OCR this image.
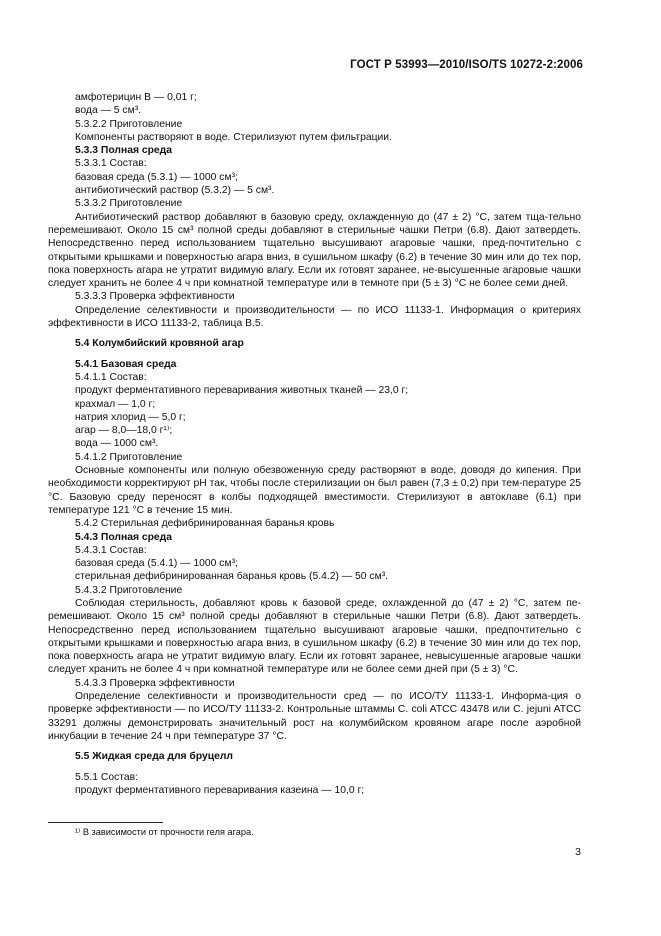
ГОСТ Р 53993—2010/ISO/TS 10272-2:2006
амфотерицин В — 0,01 г;
вода — 5 см³.
5.3.2.2 Приготовление
Компоненты растворяют в воде. Стерилизуют путем фильтрации.
5.3.3 Полная среда
5.3.3.1 Состав:
базовая среда (5.3.1) — 1000 см³;
антибиотический раствор (5.3.2) — 5 см³.
5.3.3.2 Приготовление
Антибиотический раствор добавляют в базовую среду, охлажденную до (47 ± 2) °С, затем тща-тельно перемешивают. Около 15 см³ полной среды добавляют в стерильные чашки Петри (6.8). Дают затвердеть. Непосредственно перед использованием тщательно высушивают агаровые чашки, пред-почтительно с открытыми крышками и поверхностью агара вниз, в сушильном шкафу (6.2) в течение 30 мин или до тех пор, пока поверхность агара не утратит видимую влагу. Если их готовят заранее, не-высушенные агаровые чашки следует хранить не более 4 ч при комнатной температуре или в темноте при (5 ± 3) °С не более семи дней.
5.3.3.3 Проверка эффективности
Определение селективности и производительности — по ИСО 11133-1. Информация о критериях эффективности в ИСО 11133-2, таблица В.5.
5.4 Колумбийский кровяной агар
5.4.1 Базовая среда
5.4.1.1 Состав:
продукт ферментативного переваривания животных тканей — 23,0 г;
крахмал — 1,0 г;
натрия хлорид — 5,0 г;
агар — 8,0—18,0 г¹⁾;
вода — 1000 см³.
5.4.1.2 Приготовление
Основные компоненты или полную обезвоженную среду растворяют в воде, доводя до кипения. При необходимости корректируют рН так, чтобы после стерилизации он был равен (7,3 ± 0,2) при тем-пературе 25 °С. Базовую среду переносят в колбы подходящей вместимости. Стерилизуют в автоклаве (6.1) при температуре 121 °С в течение 15 мин.
5.4.2 Стерильная дефибринированная баранья кровь
5.4.3 Полная среда
5.4.3.1 Состав:
базовая среда (5.4.1) — 1000 см³;
стерильная дефибринированная баранья кровь (5.4.2) — 50 см³.
5.4.3.2 Приготовление
Соблюдая стерильность, добавляют кровь к базовой среде, охлажденной до (47 ± 2) °С, затем пе-ремешивают. Около 15 см³ полной среды добавляют в стерильные чашки Петри (6.8). Дают затвердеть. Непосредственно перед использованием тщательно высушивают агаровые чашки, предпочтительно с открытыми крышками и поверхностью агара вниз, в сушильном шкафу (6.2) в течение 30 мин или до тех пор, пока поверхность агара не утратит видимую влагу. Если их готовят заранее, невысушенные агаровые чашки следует хранить не более 4 ч при комнатной температуре или не более семи дней при (5 ± 3) °С.
5.4.3.3 Проверка эффективности
Определение селективности и производительности сред — по ИСО/ТУ 11133-1. Информа-ция о проверке эффективности — по ИСО/ТУ 11133-2. Контрольные штаммы C. coli ATCC 43478 или C. jejuni ATCC 33291 должны демонстрировать значительный рост на колумбийском кровяном агаре после аэробной инкубации в течение 24 ч при температуре 37 °С.
5.5 Жидкая среда для бруцелл
5.5.1 Состав:
продукт ферментативного переваривания казеина — 10,0 г;
¹⁾ В зависимости от прочности геля агара.
3
